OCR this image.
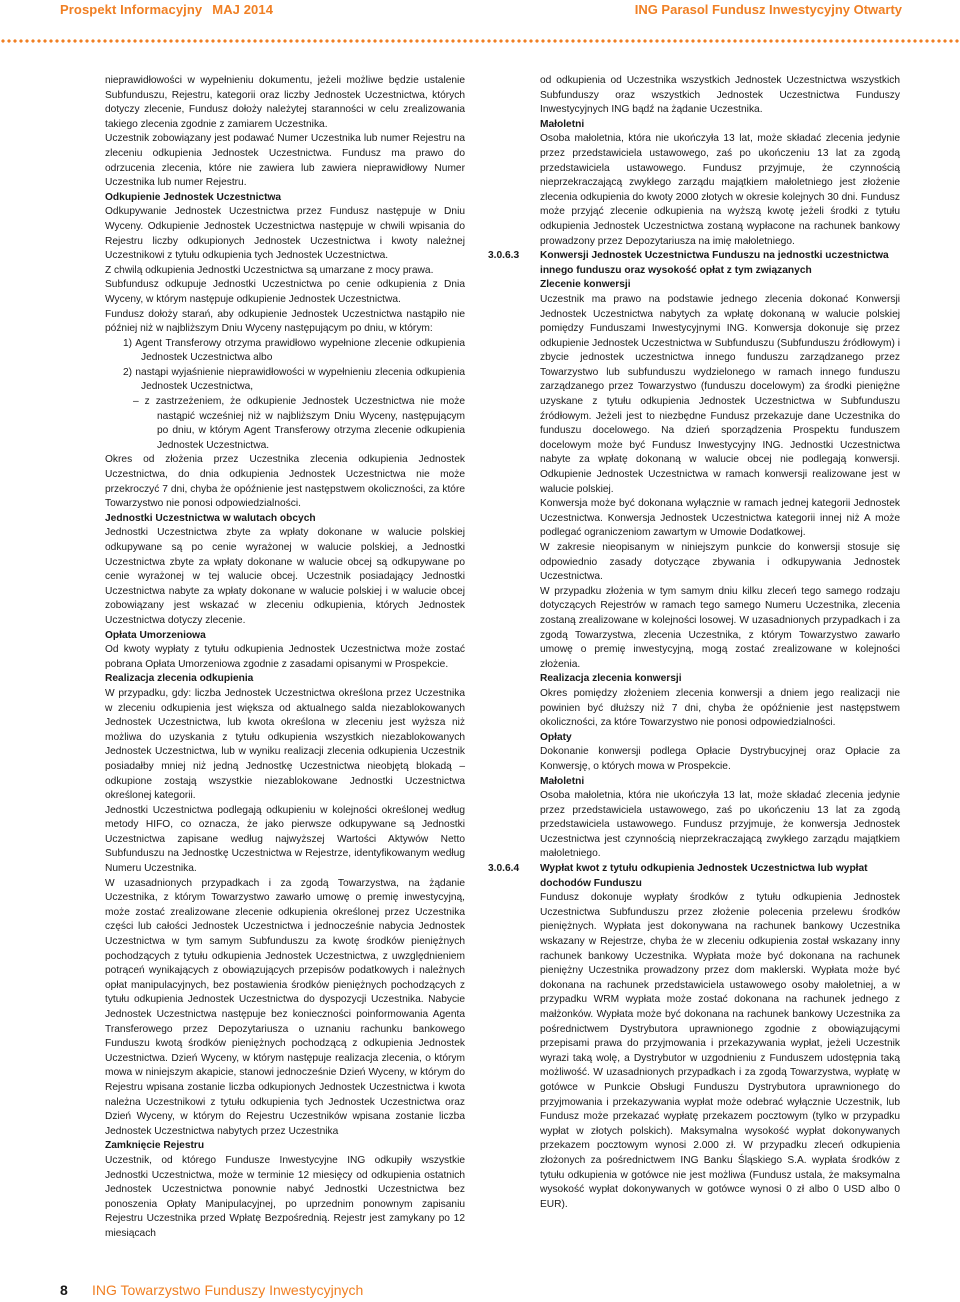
Prospekt Informacyjny MAJ 2014	ING Parasol Fundusz Inwestycyjny Otwarty

nieprawidłowości w wypełnieniu dokumentu, jeżeli możliwe będzie ustalenie Subfunduszu, Rejestru, kategorii oraz liczby Jednostek Uczestnictwa, których dotyczy zlecenie, Fundusz dołoży należytej staranności w celu zrealizowania takiego zlecenia zgodnie z zamiarem Uczestnika.

Uczestnik zobowiązany jest podawać Numer Uczestnika lub numer Rejestru na zleceniu odkupienia Jednostek Uczestnictwa. Fundusz ma prawo do odrzucenia zlecenia, które nie zawiera lub zawiera nieprawidłowy Numer Uczestnika lub numer Rejestru.

Odkupienie Jednostek Uczestnictwa

Odkupywanie Jednostek Uczestnictwa przez Fundusz następuje w Dniu Wyceny. Odkupienie Jednostek Uczestnictwa następuje w chwili wpisania do Rejestru liczby odkupionych Jednostek Uczestnictwa i kwoty należnej Uczestnikowi z tytułu odkupienia tych Jednostek Uczestnictwa.

Z chwilą odkupienia Jednostki Uczestnictwa są umarzane z mocy prawa.

Subfundusz odkupuje Jednostki Uczestnictwa po cenie odkupienia z Dnia Wyceny, w którym następuje odkupienie Jednostek Uczestnictwa.

Fundusz dołoży starań, aby odkupienie Jednostek Uczestnictwa nastąpiło nie później niż w najbliższym Dniu Wyceny następującym po dniu, w którym:

1) Agent Transferowy otrzyma prawidłowo wypełnione zlecenie odkupienia Jednostek Uczestnictwa albo

2) nastąpi wyjaśnienie nieprawidłowości w wypełnieniu zlecenia odkupienia Jednostek Uczestnictwa,

– z zastrzeżeniem, że odkupienie Jednostek Uczestnictwa nie może nastąpić wcześniej niż w najbliższym Dniu Wyceny, następującym po dniu, w którym Agent Transferowy otrzyma zlecenie odkupienia Jednostek Uczestnictwa.

Okres od złożenia przez Uczestnika zlecenia odkupienia Jednostek Uczestnictwa, do dnia odkupienia Jednostek Uczestnictwa nie może przekroczyć 7 dni, chyba że opóźnienie jest następstwem okoliczności, za które Towarzystwo nie ponosi odpowiedzialności.

Jednostki Uczestnictwa w walutach obcych

Jednostki Uczestnictwa zbyte za wpłaty dokonane w walucie polskiej odkupywane są po cenie wyrażonej w walucie polskiej, a Jednostki Uczestnictwa zbyte za wpłaty dokonane w walucie obcej są odkupywane po cenie wyrażonej w tej walucie obcej. Uczestnik posiadający Jednostki Uczestnictwa nabyte za wpłaty dokonane w walucie polskiej i w walucie obcej zobowiązany jest wskazać w zleceniu odkupienia, których Jednostek Uczestnictwa dotyczy zlecenie.

Opłata Umorzeniowa

Od kwoty wypłaty z tytułu odkupienia Jednostek Uczestnictwa może zostać pobrana Opłata Umorzeniowa zgodnie z zasadami opisanymi w Prospekcie.

Realizacja zlecenia odkupienia

W przypadku, gdy: liczba Jednostek Uczestnictwa określona przez Uczestnika w zleceniu odkupienia jest większa od aktualnego salda niezablokowanych Jednostek Uczestnictwa, lub kwota określona w zleceniu jest wyższa niż możliwa do uzyskania z tytułu odkupienia wszystkich niezablokowanych Jednostek Uczestnictwa, lub w wyniku realizacji zlecenia odkupienia Uczestnik posiadałby mniej niż jedną Jednostkę Uczestnictwa nieobjętą blokadą – odkupione zostają wszystkie niezablokowane Jednostki Uczestnictwa określonej kategorii.

Jednostki Uczestnictwa podlegają odkupieniu w kolejności określonej według metody HIFO, co oznacza, że jako pierwsze odkupywane są Jednostki Uczestnictwa zapisane według najwyższej Wartości Aktywów Netto Subfunduszu na Jednostkę Uczestnictwa w Rejestrze, identyfikowanym według Numeru Uczestnika.

W uzasadnionych przypadkach i za zgodą Towarzystwa, na żądanie Uczestnika, z którym Towarzystwo zawarło umowę o premię inwestycyjną, może zostać zrealizowane zlecenie odkupienia określonej przez Uczestnika części lub całości Jednostek Uczestnictwa i jednocześnie nabycia Jednostek Uczestnictwa w tym samym Subfunduszu za kwotę środków pieniężnych pochodzących z tytułu odkupienia Jednostek Uczestnictwa, z uwzględnieniem potrąceń wynikających z obowiązujących przepisów podatkowych i należnych opłat manipulacyjnych, bez postawienia środków pieniężnych pochodzących z tytułu odkupienia Jednostek Uczestnictwa do dyspozycji Uczestnika. Nabycie Jednostek Uczestnictwa następuje bez konieczności poinformowania Agenta Transferowego przez Depozytariusza o uznaniu rachunku bankowego Funduszu kwotą środków pieniężnych pochodzącą z odkupienia Jednostek Uczestnictwa. Dzień Wyceny, w którym następuje realizacja zlecenia, o którym mowa w niniejszym akapicie, stanowi jednocześnie Dzień Wyceny, w którym do Rejestru wpisana zostanie liczba odkupionych Jednostek Uczestnictwa i kwota należna Uczestnikowi z tytułu odkupienia tych Jednostek Uczestnictwa oraz Dzień Wyceny, w którym do Rejestru Uczestników wpisana zostanie liczba Jednostek Uczestnictwa nabytych przez Uczestnika

Zamknięcie Rejestru

Uczestnik, od którego Fundusze Inwestycyjne ING odkupiły wszystkie Jednostki Uczestnictwa, może w terminie 12 miesięcy od odkupienia ostatnich Jednostek Uczestnictwa ponownie nabyć Jednostki Uczestnictwa bez ponoszenia Opłaty Manipulacyjnej, po uprzednim ponownym zapisaniu Rejestru Uczestnika przed Wpłatę Bezpośrednią. Rejestr jest zamykany po 12 miesiącach

od odkupienia od Uczestnika wszystkich Jednostek Uczestnictwa wszystkich Subfunduszy oraz wszystkich Jednostek Uczestnictwa Funduszy Inwestycyjnych ING bądź na żądanie Uczestnika.

Małoletni

Osoba małoletnia, która nie ukończyła 13 lat, może składać zlecenia jedynie przez przedstawiciela ustawowego, zaś po ukończeniu 13 lat za zgodą przedstawiciela ustawowego. Fundusz przyjmuje, że czynnością nieprzekraczającą zwykłego zarządu majątkiem małoletniego jest złożenie zlecenia odkupienia do kwoty 2000 złotych w okresie kolejnych 30 dni. Fundusz może przyjąć zlecenie odkupienia na wyższą kwotę jeżeli środki z tytułu odkupienia Jednostek Uczestnictwa zostaną wypłacone na rachunek bankowy prowadzony przez Depozytariusza na imię małoletniego.

3.0.6.3 Konwersji Jednostek Uczestnictwa Funduszu na jednostki uczestnictwa innego funduszu oraz wysokość opłat z tym związanych

Zlecenie konwersji

Uczestnik ma prawo na podstawie jednego zlecenia dokonać Konwersji Jednostek Uczestnictwa nabytych za wpłatę dokonaną w walucie polskiej pomiędzy Funduszami Inwestycyjnymi ING. Konwersja dokonuje się przez odkupienie Jednostek Uczestnictwa w Subfunduszu (Subfunduszu źródłowym) i zbycie jednostek uczestnictwa innego funduszu zarządzanego przez Towarzystwo lub subfunduszu wydzielonego w ramach innego funduszu zarządzanego przez Towarzystwo (funduszu docelowym) za środki pieniężne uzyskane z tytułu odkupienia Jednostek Uczestnictwa w Subfunduszu źródłowym. Jeżeli jest to niezbędne Fundusz przekazuje dane Uczestnika do funduszu docelowego. Na dzień sporządzenia Prospektu funduszem docelowym może być Fundusz Inwestycyjny ING. Jednostki Uczestnictwa nabyte za wpłatę dokonaną w walucie obcej nie podlegają konwersji. Odkupienie Jednostek Uczestnictwa w ramach konwersji realizowane jest w walucie polskiej.

Konwersja może być dokonana wyłącznie w ramach jednej kategorii Jednostek Uczestnictwa. Konwersja Jednostek Uczestnictwa kategorii innej niż A może podlegać ograniczeniom zawartym w Umowie Dodatkowej.

W zakresie nieopisanym w niniejszym punkcie do konwersji stosuje się odpowiednio zasady dotyczące zbywania i odkupywania Jednostek Uczestnictwa.

W przypadku złożenia w tym samym dniu kilku zleceń tego samego rodzaju dotyczących Rejestrów w ramach tego samego Numeru Uczestnika, zlecenia zostaną zrealizowane w kolejności losowej. W uzasadnionych przypadkach i za zgodą Towarzystwa, zlecenia Uczestnika, z którym Towarzystwo zawarło umowę o premię inwestycyjną, mogą zostać zrealizowane w kolejności złożenia.

Realizacja zlecenia konwersji

Okres pomiędzy złożeniem zlecenia konwersji a dniem jego realizacji nie powinien być dłuższy niż 7 dni, chyba że opóźnienie jest następstwem okoliczności, za które Towarzystwo nie ponosi odpowiedzialności.

Opłaty

Dokonanie konwersji podlega Opłacie Dystrybucyjnej oraz Opłacie za Konwersję, o których mowa w Prospekcie.

Małoletni

Osoba małoletnia, która nie ukończyła 13 lat, może składać zlecenia jedynie przez przedstawiciela ustawowego, zaś po ukończeniu 13 lat za zgodą przedstawiciela ustawowego. Fundusz przyjmuje, że konwersja Jednostek Uczestnictwa jest czynnością nieprzekraczającą zwykłego zarządu majątkiem małoletniego.

3.0.6.4 Wypłat kwot z tytułu odkupienia Jednostek Uczestnictwa lub wypłat dochodów Funduszu

Fundusz dokonuje wypłaty środków z tytułu odkupienia Jednostek Uczestnictwa Subfunduszu przez złożenie polecenia przelewu środków pieniężnych. Wypłata jest dokonywana na rachunek bankowy Uczestnika wskazany w Rejestrze, chyba że w zleceniu odkupienia został wskazany inny rachunek bankowy Uczestnika. Wypłata może być dokonana na rachunek pieniężny Uczestnika prowadzony przez dom maklerski. Wypłata może być dokonana na rachunek przedstawiciela ustawowego osoby małoletniej, a w przypadku WRM wypłata może zostać dokonana na rachunek jednego z małżonków. Wypłata może być dokonana na rachunek bankowy Uczestnika za pośrednictwem Dystrybutora uprawnionego zgodnie z obowiązującymi przepisami prawa do przyjmowania i przekazywania wypłat, jeżeli Uczestnik wyrazi taką wolę, a Dystrybutor w uzgodnieniu z Funduszem udostępnia taką możliwość. W uzasadnionych przypadkach i za zgodą Towarzystwa, wypłatę w gotówce w Punkcie Obsługi Funduszu Dystrybutora uprawnionego do przyjmowania i przekazywania wypłat może odebrać wyłącznie Uczestnik, lub Fundusz może przekazać wypłatę przekazem pocztowym (tylko w przypadku wypłat w złotych polskich). Maksymalna wysokość wypłat dokonywanych przekazem pocztowym wynosi 2.000 zł. W przypadku zleceń odkupienia złożonych za pośrednictwem ING Banku Śląskiego S.A. wypłata środków z tytułu odkupienia w gotówce nie jest możliwa (Fundusz ustala, że maksymalna wysokość wypłat dokonywanych w gotówce wynosi 0 zł albo 0 USD albo 0 EUR).

8 ING Towarzystwo Funduszy Inwestycyjnych
